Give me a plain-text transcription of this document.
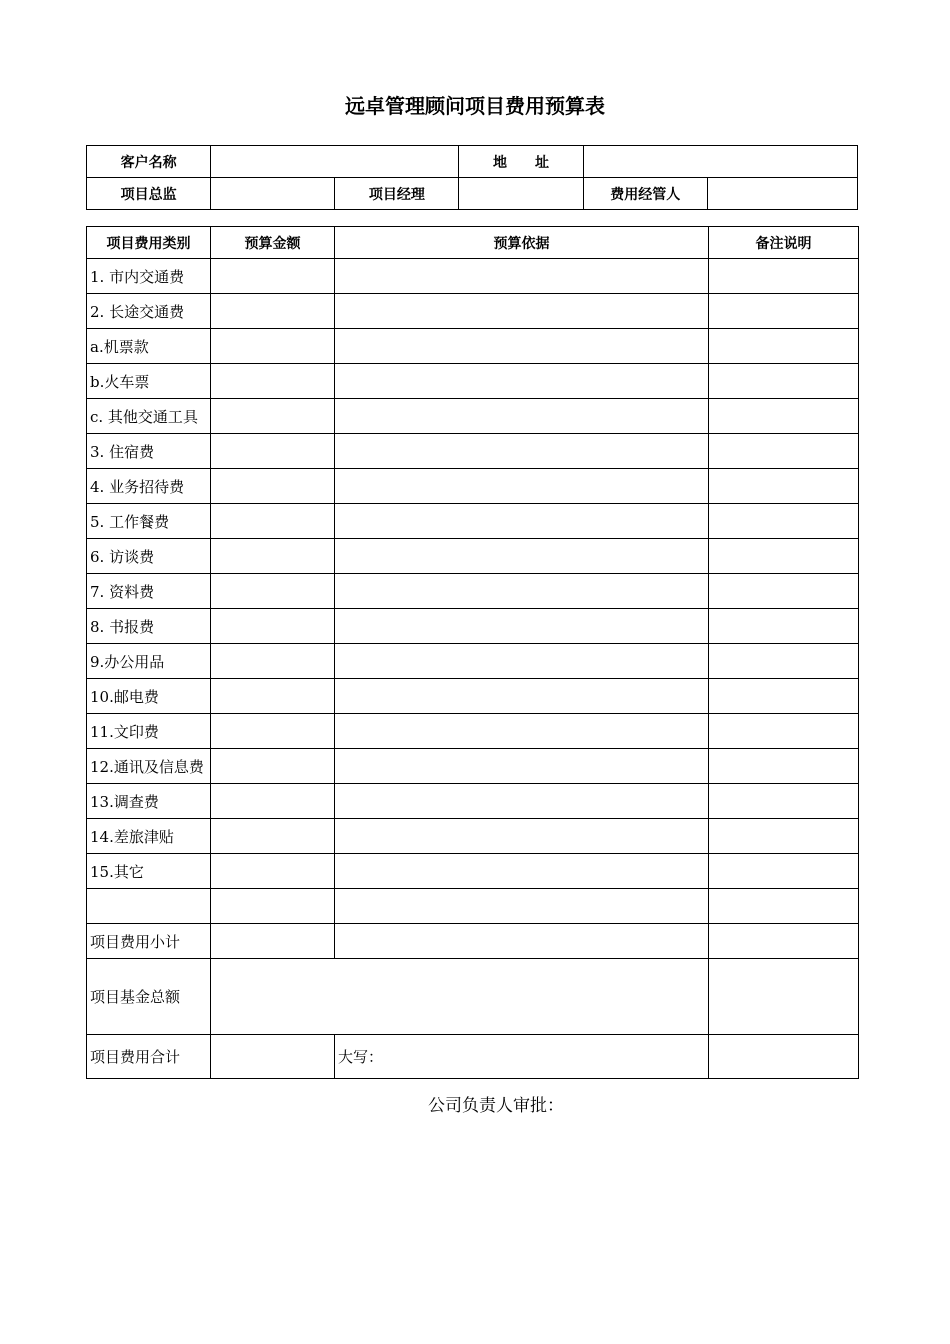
远卓管理顾问项目费用预算表
客户名称			地　　址		
项目总监		项目经理		费用经管人	
项目费用类别	预算金额	预算依据	备注说明
1. 市内交通费			
2. 长途交通费			
a.机票款			
b.火车票			
c. 其他交通工具			
3. 住宿费			
4. 业务招待费			
5. 工作餐费			
6. 访谈费			
7. 资料费			
8. 书报费			
9.办公用品			
10.邮电费			
11.文印费			
12.通讯及信息费			
13.调查费			
14.差旅津贴			
15.其它			

项目费用小计			
项目基金总额			
项目费用合计		大写：	
公司负责人审批：
